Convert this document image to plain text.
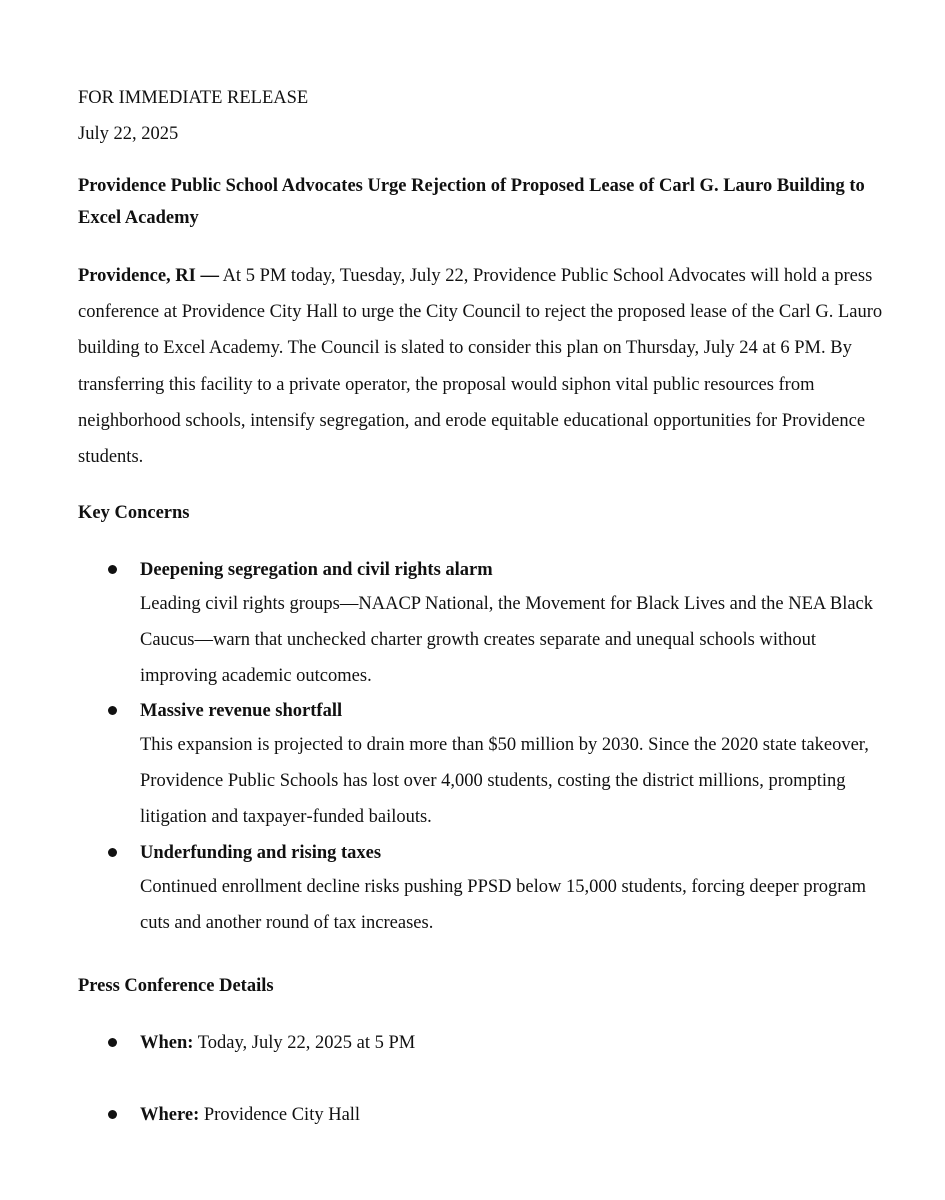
FOR IMMEDIATE RELEASE
July 22, 2025
Providence Public School Advocates Urge Rejection of Proposed Lease of Carl G. Lauro Building to Excel Academy
Providence, RI — At 5 PM today, Tuesday, July 22, Providence Public School Advocates will hold a press conference at Providence City Hall to urge the City Council to reject the proposed lease of the Carl G. Lauro building to Excel Academy. The Council is slated to consider this plan on Thursday, July 24 at 6 PM. By transferring this facility to a private operator, the proposal would siphon vital public resources from neighborhood schools, intensify segregation, and erode equitable educational opportunities for Providence students.
Key Concerns
Deepening segregation and civil rights alarm
Leading civil rights groups—NAACP National, the Movement for Black Lives and the NEA Black Caucus—warn that unchecked charter growth creates separate and unequal schools without improving academic outcomes.
Massive revenue shortfall
This expansion is projected to drain more than $50 million by 2030. Since the 2020 state takeover, Providence Public Schools has lost over 4,000 students, costing the district millions, prompting litigation and taxpayer‑funded bailouts.
Underfunding and rising taxes
Continued enrollment decline risks pushing PPSD below 15,000 students, forcing deeper program cuts and another round of tax increases.
Press Conference Details
When: Today, July 22, 2025 at 5 PM
Where: Providence City Hall
